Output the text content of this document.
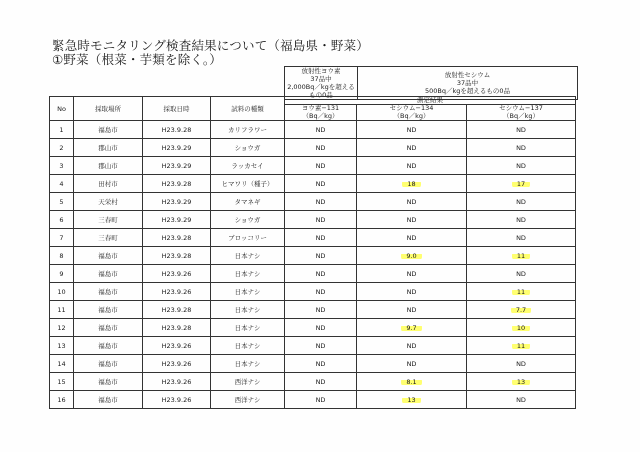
緊急時モニタリング検査結果について（福島県・野菜）
①野菜（根菜・芋類を除く。）
放射性ヨウ素
37品中
2,000Bq／kgを超えるもの0品

放射性セシウム
37品中
500Bq／kgを超えるもの0品
No	採取場所	採取日時	試料の種類	測定結果		
				ヨウ素−131	セシウム−134	セシウム−137
				（Bq／kg）	（Bq／kg）	（Bq／kg）
1	福島市	H23.9.28	カリフラワー	ND	ND	ND
2	郡山市	H23.9.29	ショウガ	ND	ND	ND
3	郡山市	H23.9.29	ラッカセイ	ND	ND	ND
4	田村市	H23.9.28	ヒマワリ（種子）	ND	18	17
5	天栄村	H23.9.29	タマネギ	ND	ND	ND
6	三春町	H23.9.29	ショウガ	ND	ND	ND
7	三春町	H23.9.28	ブロッコリー	ND	ND	ND
8	福島市	H23.9.28	日本ナシ	ND	9.0	11
9	福島市	H23.9.26	日本ナシ	ND	ND	ND
10	福島市	H23.9.26	日本ナシ	ND	ND	11
11	福島市	H23.9.28	日本ナシ	ND	ND	7.7
12	福島市	H23.9.28	日本ナシ	ND	9.7	10
13	福島市	H23.9.26	日本ナシ	ND	ND	11
14	福島市	H23.9.26	日本ナシ	ND	ND	ND
15	福島市	H23.9.26	西洋ナシ	ND	8.1	13
16	福島市	H23.9.26	西洋ナシ	ND	13	ND
